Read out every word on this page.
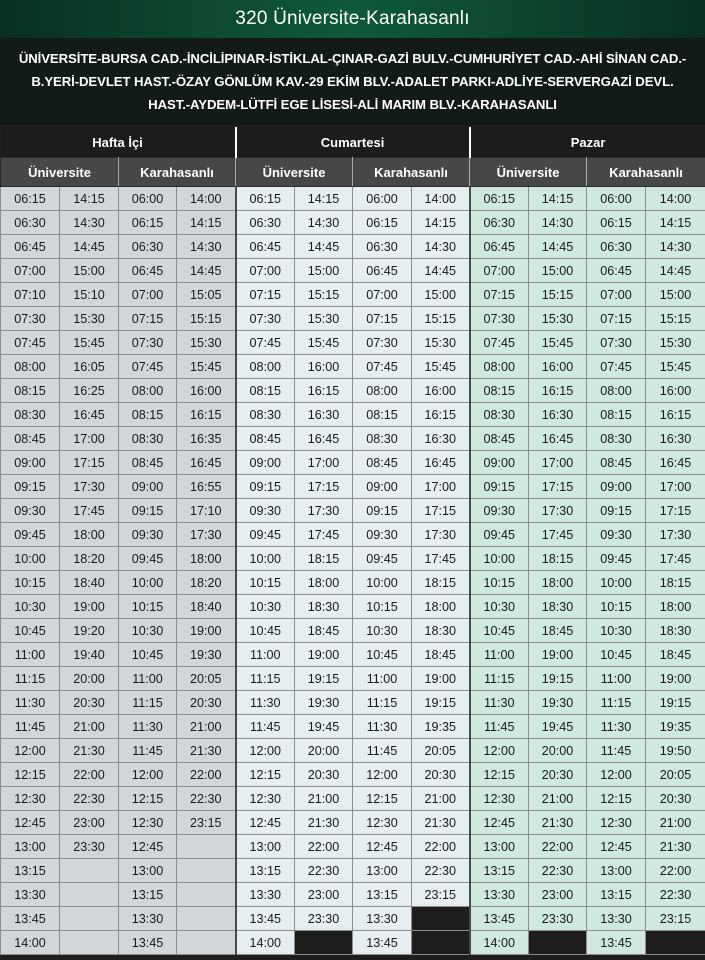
320 Üniversite-Karahasanlı
ÜNİVERSİTE-BURSA CAD.-İNCİLİPINAR-İSTİKLAL-ÇINAR-GAZİ BULV.-CUMHURİYET CAD.-AHİ SİNAN CAD.-B.YERİ-DEVLET HAST.-ÖZAY GÖNLÜM KAV.-29 EKİM BLV.-ADALET PARKI-ADLİYE-SERVERGAZİ DEVL. HAST.-AYDEM-LÜTFİ EGE LİSESİ-ALİ MARIM BLV.-KARAHASANLI
Hafta İçi				Cumartesi				Pazar			
Üniversite		Karahasanlı		Üniversite		Karahasanlı		Üniversite		Karahasanlı	
06:15	14:15	06:00	14:00	06:15	14:15	06:00	14:00	06:15	14:15	06:00	14:00
06:30	14:30	06:15	14:15	06:30	14:30	06:15	14:15	06:30	14:30	06:15	14:15
06:45	14:45	06:30	14:30	06:45	14:45	06:30	14:30	06:45	14:45	06:30	14:30
07:00	15:00	06:45	14:45	07:00	15:00	06:45	14:45	07:00	15:00	06:45	14:45
07:10	15:10	07:00	15:05	07:15	15:15	07:00	15:00	07:15	15:15	07:00	15:00
07:30	15:30	07:15	15:15	07:30	15:30	07:15	15:15	07:30	15:30	07:15	15:15
07:45	15:45	07:30	15:30	07:45	15:45	07:30	15:30	07:45	15:45	07:30	15:30
08:00	16:05	07:45	15:45	08:00	16:00	07:45	15:45	08:00	16:00	07:45	15:45
08:15	16:25	08:00	16:00	08:15	16:15	08:00	16:00	08:15	16:15	08:00	16:00
08:30	16:45	08:15	16:15	08:30	16:30	08:15	16:15	08:30	16:30	08:15	16:15
08:45	17:00	08:30	16:35	08:45	16:45	08:30	16:30	08:45	16:45	08:30	16:30
09:00	17:15	08:45	16:45	09:00	17:00	08:45	16:45	09:00	17:00	08:45	16:45
09:15	17:30	09:00	16:55	09:15	17:15	09:00	17:00	09:15	17:15	09:00	17:00
09:30	17:45	09:15	17:10	09:30	17:30	09:15	17:15	09:30	17:30	09:15	17:15
09:45	18:00	09:30	17:30	09:45	17:45	09:30	17:30	09:45	17:45	09:30	17:30
10:00	18:20	09:45	18:00	10:00	18:15	09:45	17:45	10:00	18:15	09:45	17:45
10:15	18:40	10:00	18:20	10:15	18:00	10:00	18:15	10:15	18:00	10:00	18:15
10:30	19:00	10:15	18:40	10:30	18:30	10:15	18:00	10:30	18:30	10:15	18:00
10:45	19:20	10:30	19:00	10:45	18:45	10:30	18:30	10:45	18:45	10:30	18:30
11:00	19:40	10:45	19:30	11:00	19:00	10:45	18:45	11:00	19:00	10:45	18:45
11:15	20:00	11:00	20:05	11:15	19:15	11:00	19:00	11:15	19:15	11:00	19:00
11:30	20:30	11:15	20:30	11:30	19:30	11:15	19:15	11:30	19:30	11:15	19:15
11:45	21:00	11:30	21:00	11:45	19:45	11:30	19:35	11:45	19:45	11:30	19:35
12:00	21:30	11:45	21:30	12:00	20:00	11:45	20:05	12:00	20:00	11:45	19:50
12:15	22:00	12:00	22:00	12:15	20:30	12:00	20:30	12:15	20:30	12:00	20:05
12:30	22:30	12:15	22:30	12:30	21:00	12:15	21:00	12:30	21:00	12:15	20:30
12:45	23:00	12:30	23:15	12:45	21:30	12:30	21:30	12:45	21:30	12:30	21:00
13:00	23:30	12:45		13:00	22:00	12:45	22:00	13:00	22:00	12:45	21:30
13:15		13:00		13:15	22:30	13:00	22:30	13:15	22:30	13:00	22:00
13:30		13:15		13:30	23:00	13:15	23:15	13:30	23:00	13:15	22:30
13:45		13:30		13:45	23:30	13:30		13:45	23:30	13:30	23:15
14:00		13:45		14:00		13:45		14:00		13:45	
